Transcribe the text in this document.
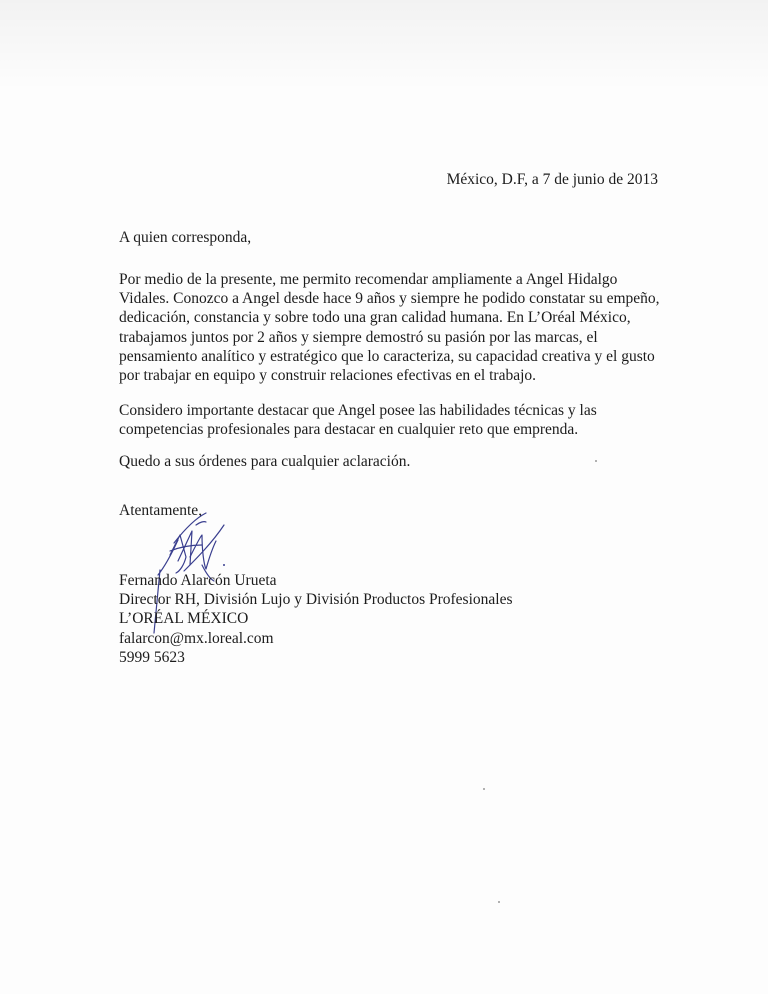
México, D.F, a 7 de junio de 2013
A quien corresponda,

Por medio de la presente, me permito recomendar ampliamente a Angel Hidalgo Vidales. Conozco a Angel desde hace 9 años y siempre he podido constatar su empeño, dedicación, constancia y sobre todo una gran calidad humana. En L’Oréal México, trabajamos juntos por 2 años y siempre demostró su pasión por las marcas, el pensamiento analítico y estratégico que lo caracteriza, su capacidad creativa y el gusto por trabajar en equipo y construir relaciones efectivas en el trabajo.

Considero importante destacar que Angel posee las habilidades técnicas y las competencias profesionales para destacar en cualquier reto que emprenda.

Quedo a sus órdenes para cualquier aclaración.

Atentamente,
Fernando Alarcón Urueta
Director RH, División Lujo y División Productos Profesionales
L’ORÉAL MÉXICO
falarcon@mx.loreal.com
5999 5623
